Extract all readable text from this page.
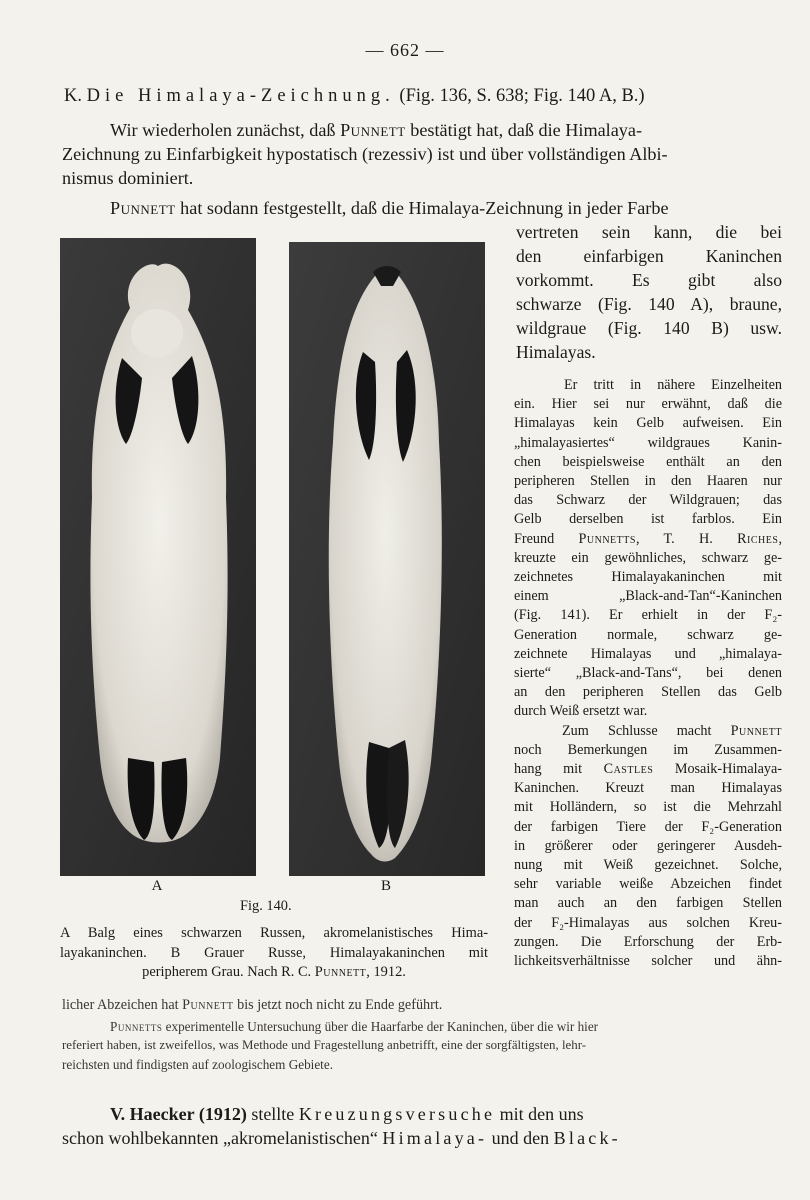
— 662 —
K. Die Himalaya-Zeichnung. (Fig. 136, S. 638; Fig. 140 A, B.)
Wir wiederholen zunächst, daß Punnett bestätigt hat, daß die Himalaya-
Zeichnung zu Einfarbigkeit hypostatisch (rezessiv) ist und über vollständigen Albi-
nismus dominiert.
Punnett hat sodann festgestellt, daß die Himalaya-Zeichnung in jeder Farbe
vertreten sein kann, die bei
den einfarbigen Kaninchen
vorkommt. Es gibt also
schwarze (Fig. 140 A), braune,
wildgraue (Fig. 140 B) usw.
Himalayas.
A	B
Fig. 140.
A Balg eines schwarzen Russen, akromelanistisches Hima-
layakaninchen. B Grauer Russe, Himalayakaninchen mit
peripherem Grau. Nach R. C. Punnett, 1912.
Er tritt in nähere Einzelheiten
ein. Hier sei nur erwähnt, daß die
Himalayas kein Gelb aufweisen. Ein
„himalayasiertes“ wildgraues Kanin-
chen beispielsweise enthält an den
peripheren Stellen in den Haaren nur
das Schwarz der Wildgrauen; das
Gelb derselben ist farblos. Ein
Freund Punnetts, T. H. Riches,
kreuzte ein gewöhnliches, schwarz ge-
zeichnetes Himalayakaninchen mit
einem „Black-and-Tan“-Kaninchen
(Fig. 141). Er erhielt in der F₂-
Generation normale, schwarz ge-
zeichnete Himalayas und „himalaya-
sierte“ „Black-and-Tans“, bei denen
an den peripheren Stellen das Gelb
durch Weiß ersetzt war.
Zum Schlusse macht Punnett
noch Bemerkungen im Zusammen-
hang mit Castles Mosaik-Himalaya-
Kaninchen. Kreuzt man Himalayas
mit Holländern, so ist die Mehrzahl
der farbigen Tiere der F₂-Generation
in größerer oder geringerer Ausdeh-
nung mit Weiß gezeichnet. Solche,
sehr variable weiße Abzeichen findet
man auch an den farbigen Stellen
der F₂-Himalayas aus solchen Kreu-
zungen. Die Erforschung der Erb-
lichkeitsverhältnisse solcher und ähn-
licher Abzeichen hat Punnett bis jetzt noch nicht zu Ende geführt.
Punnetts experimentelle Untersuchung über die Haarfarbe der Kaninchen, über die wir hier
referiert haben, ist zweifellos, was Methode und Fragestellung anbetrifft, eine der sorgfältigsten, lehr-
reichsten und findigsten auf zoologischem Gebiete.
V. Haecker (1912) stellte Kreuzungsversuche mit den uns
schon wohlbekannten „akromelanistischen“ Himalaya- und den Black-
